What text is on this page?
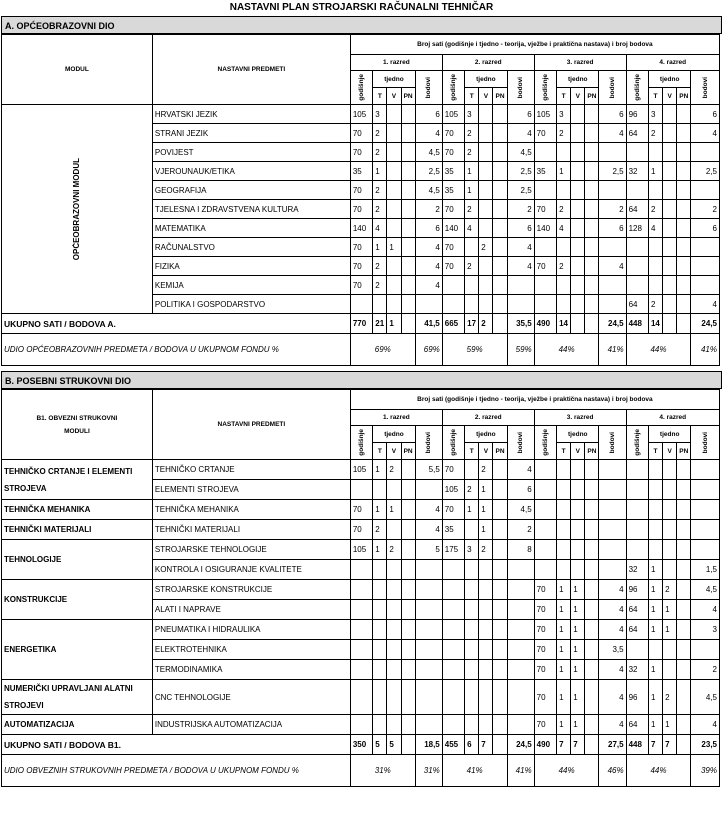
NASTAVNI PLAN STROJARSKI RAČUNALNI TEHNIČAR
A. OPĆEOBRAZOVNI DIO
MODUL	NASTAVNI PREDMETI	Broj sati (godišnje i tjedno - teorija, vježbe i praktična nastava) i broj bodova																			
		1. razred					2. razred					3. razred					4. razred				

		godišnje	tjedno			bodovi	godišnje	tjedno			bodovi	godišnje	tjedno			bodovi	godišnje	tjedno			bodovi

			T	V	PN			T	V	PN			T	V	PN			T	V	PN	

OPĆEOBRAZOVNI MODUL	HRVATSKI JEZIK	105	3			6	105	3			6	105	3			6	96	3			6
	STRANI JEZIK	70	2			4	70	2			4	70	2			4	64	2			4
	POVIJEST	70	2			4,5	70	2			4,5										
	VJEROUNAUK/ETIKA	35	1			2,5	35	1			2,5	35	1			2,5	32	1			2,5
	GEOGRAFIJA	70	2			4,5	35	1			2,5										
	TJELESNA I ZDRAVSTVENA KULTURA	70	2			2	70	2			2	70	2			2	64	2			2
	MATEMATIKA	140	4			6	140	4			6	140	4			6	128	4			6
	RAČUNALSTVO	70	1	1		4	70		2		4										
	FIZIKA	70	2			4	70	2			4	70	2			4					
	KEMIJA	70	2			4															
	POLITIKA I GOSPODARSTVO																64	2			4
UKUPNO SATI / BODOVA A.		770	21	1		41,5	665	17	2		35,5	490	14			24,5	448	14			24,5
UDIO OPĆEOBRAZOVNIH PREDMETA / BODOVA U UKUPNOM FONDU %		69%				69%	59%				59%	44%				41%	44%				41%
B. POSEBNI STRUKOVNI DIO
B1. OBVEZNI STRUKOVNI MODULI	NASTAVNI PREDMETI	Broj sati (godišnje i tjedno - teorija, vježbe i praktična nastava) i broj bodova																			
		1. razred					2. razred					3. razred					4. razred				

		godišnje	tjedno			bodovi	godišnje	tjedno			bodovi	godišnje	tjedno			bodovi	godišnje	tjedno			bodovi

			T	V	PN			T	V	PN			T	V	PN			T	V	PN	
TEHNIČKO CRTANJE I ELEMENTI STROJEVA	TEHNIČKO CRTANJE	105	1	2		5,5	70		2		4										
	ELEMENTI STROJEVA						105	2	1		6										
TEHNIČKA MEHANIKA	TEHNIČKA MEHANIKA	70	1	1		4	70	1	1		4,5										
TEHNIČKI MATERIJALI	TEHNIČKI MATERIJALI	70	2			4	35		1		2										
TEHNOLOGIJE	STROJARSKE TEHNOLOGIJE	105	1	2		5	175	3	2		8										
	KONTROLA I OSIGURANJE KVALITETE																32	1			1,5
KONSTRUKCIJE	STROJARSKE KONSTRUKCIJE											70	1	1		4	96	1	2		4,5
	ALATI I NAPRAVE											70	1	1		4	64	1	1		4
ENERGETIKA	PNEUMATIKA I HIDRAULIKA											70	1	1		4	64	1	1		3
	ELEKTROTEHNIKA											70	1	1		3,5					
	TERMODINAMIKA											70	1	1		4	32	1			2
NUMERIČKI UPRAVLJANI ALATNI STROJEVI	CNC TEHNOLOGIJE											70	1	1		4	96	1	2		4,5
AUTOMATIZACIJA	INDUSTRIJSKA AUTOMATIZACIJA											70	1	1		4	64	1	1		4
UKUPNO SATI / BODOVA B1.		350	5	5		18,5	455	6	7		24,5	490	7	7		27,5	448	7	7		23,5
UDIO OBVEZNIH STRUKOVNIH PREDMETA / BODOVA U UKUPNOM FONDU %		31%				31%	41%				41%	44%				46%	44%				39%
